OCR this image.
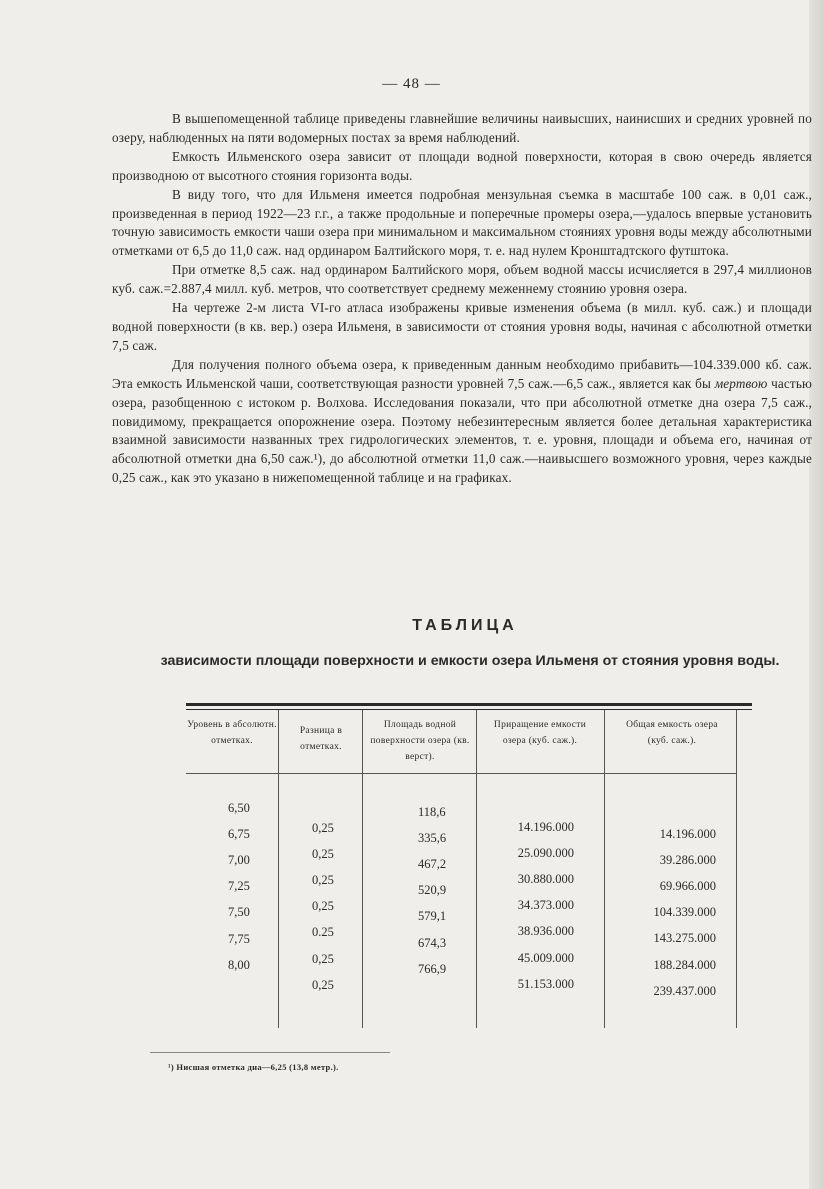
— 48 —

В вышепомещенной таблице приведены главнейшие величины наивысших, наинисших и средних уровней по озеру, наблюденных на пяти водомерных постах за время наблюдений.

Емкость Ильменского озера зависит от площади водной поверхности, которая в свою очередь является производною от высотного стояния горизонта воды.

В виду того, что для Ильменя имеется подробная мензульная съемка в масштабе 100 саж. в 0,01 саж., произведенная в период 1922—23 г.г., а также продольные и поперечные промеры озера,—удалось впервые установить точную зависимость емкости чаши озера при минимальном и максимальном стояниях уровня воды между абсолютными отметками от 6,5 до 11,0 саж. над ординаром Балтийского моря, т. е. над нулем Кронштадтского футштока.

При отметке 8,5 саж. над ординаром Балтийского моря, объем водной массы исчисляется в 297,4 миллионов куб. саж.=2.887,4 милл. куб. метров, что соответствует среднему меженнему стоянию уровня озера.

На чертеже 2-м листа VI-го атласа изображены кривые изменения объема (в милл. куб. саж.) и площади водной поверхности (в кв. вер.) озера Ильменя, в зависимости от стояния уровня воды, начиная с абсолютной отметки 7,5 саж.

Для получения полного объема озера, к приведенным данным необходимо прибавить—104.339.000 кб. саж. Эта емкость Ильменской чаши, соответствующая разности уровней 7,5 саж.—6,5 саж., является как бы мертвою частью озера, разобщенною с истоком р. Волхова. Исследования показали, что при абсолютной отметке дна озера 7,5 саж., повидимому, прекращается опорожнение озера. Поэтому небезинтересным является более детальная характеристика взаимной зависимости названных трех гидрологических элементов, т. е. уровня, площади и объема его, начиная от абсолютной отметки дна 6,50 саж.¹), до абсолютной отметки 11,0 саж.—наивысшего возможного уровня, через каждые 0,25 саж., как это указано в нижепомещенной таблице и на графиках.

ТАБЛИЦА
зависимости площади поверхности и емкости озера Ильменя от стояния уровня воды.
Уровень в абсолютн. отметках.
Разница в отметках.
Площадь водной поверхности озера (кв. верст).
Приращение емкости озера (куб. саж.).
Общая емкость озера (куб. саж.).
6,50
6,75
7,00
7,25
7,50
7,75
8,00
0,25
0,25
0,25
0,25
0.25
0,25
0,25
118,6
335,6
467,2
520,9
579,1
674,3
766,9
14.196.000
25.090.000
30.880.000
34.373.000
38.936.000
45.009.000
51.153.000
14.196.000
39.286.000
69.966.000
104.339.000
143.275.000
188.284.000
239.437.000
¹) Нисшая отметка дна—6,25 (13,8 метр.).
